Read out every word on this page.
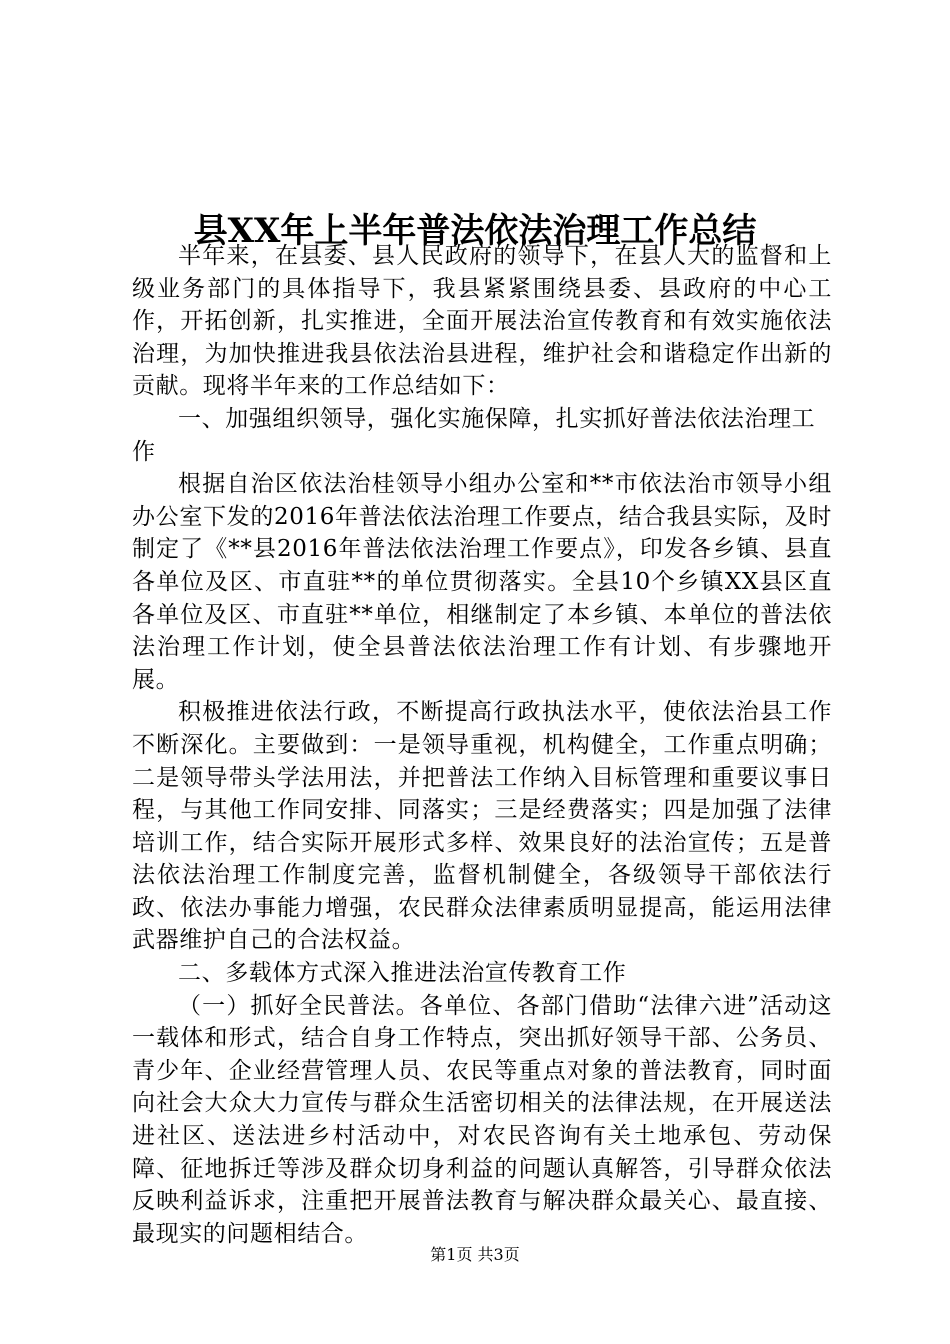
县XX年上半年普法依法治理工作总结

半年来，在县委、县人民政府的领导下，在县人大的监督和上级业务部门的具体指导下，我县紧紧围绕县委、县政府的中心工作，开拓创新，扎实推进，全面开展法治宣传教育和有效实施依法治理，为加快推进我县依法治县进程，维护社会和谐稳定作出新的贡献。现将半年来的工作总结如下：

一、加强组织领导，强化实施保障，扎实抓好普法依法治理工作

根据自治区依法治桂领导小组办公室和**市依法治市领导小组办公室下发的2016年普法依法治理工作要点，结合我县实际，及时制定了《**县2016年普法依法治理工作要点》，印发各乡镇、县直各单位及区、市直驻**的单位贯彻落实。全县10个乡镇XX县区直各单位及区、市直驻**单位，相继制定了本乡镇、本单位的普法依法治理工作计划，使全县普法依法治理工作有计划、有步骤地开展。

积极推进依法行政，不断提高行政执法水平，使依法治县工作不断深化。主要做到：一是领导重视，机构健全，工作重点明确；二是领导带头学法用法，并把普法工作纳入目标管理和重要议事日程，与其他工作同安排、同落实；三是经费落实；四是加强了法律培训工作，结合实际开展形式多样、效果良好的法治宣传；五是普法依法治理工作制度完善，监督机制健全，各级领导干部依法行政、依法办事能力增强，农民群众法律素质明显提高，能运用法律武器维护自己的合法权益。

二、多载体方式深入推进法治宣传教育工作

（一）抓好全民普法。各单位、各部门借助“法律六进”活动这一载体和形式，结合自身工作特点，突出抓好领导干部、公务员、青少年、企业经营管理人员、农民等重点对象的普法教育，同时面向社会大众大力宣传与群众生活密切相关的法律法规，在开展送法进社区、送法进乡村活动中，对农民咨询有关土地承包、劳动保障、征地拆迁等涉及群众切身利益的问题认真解答，引导群众依法反映利益诉求，注重把开展普法教育与解决群众最关心、最直接、最现实的问题相结合。

第1页 共3页
